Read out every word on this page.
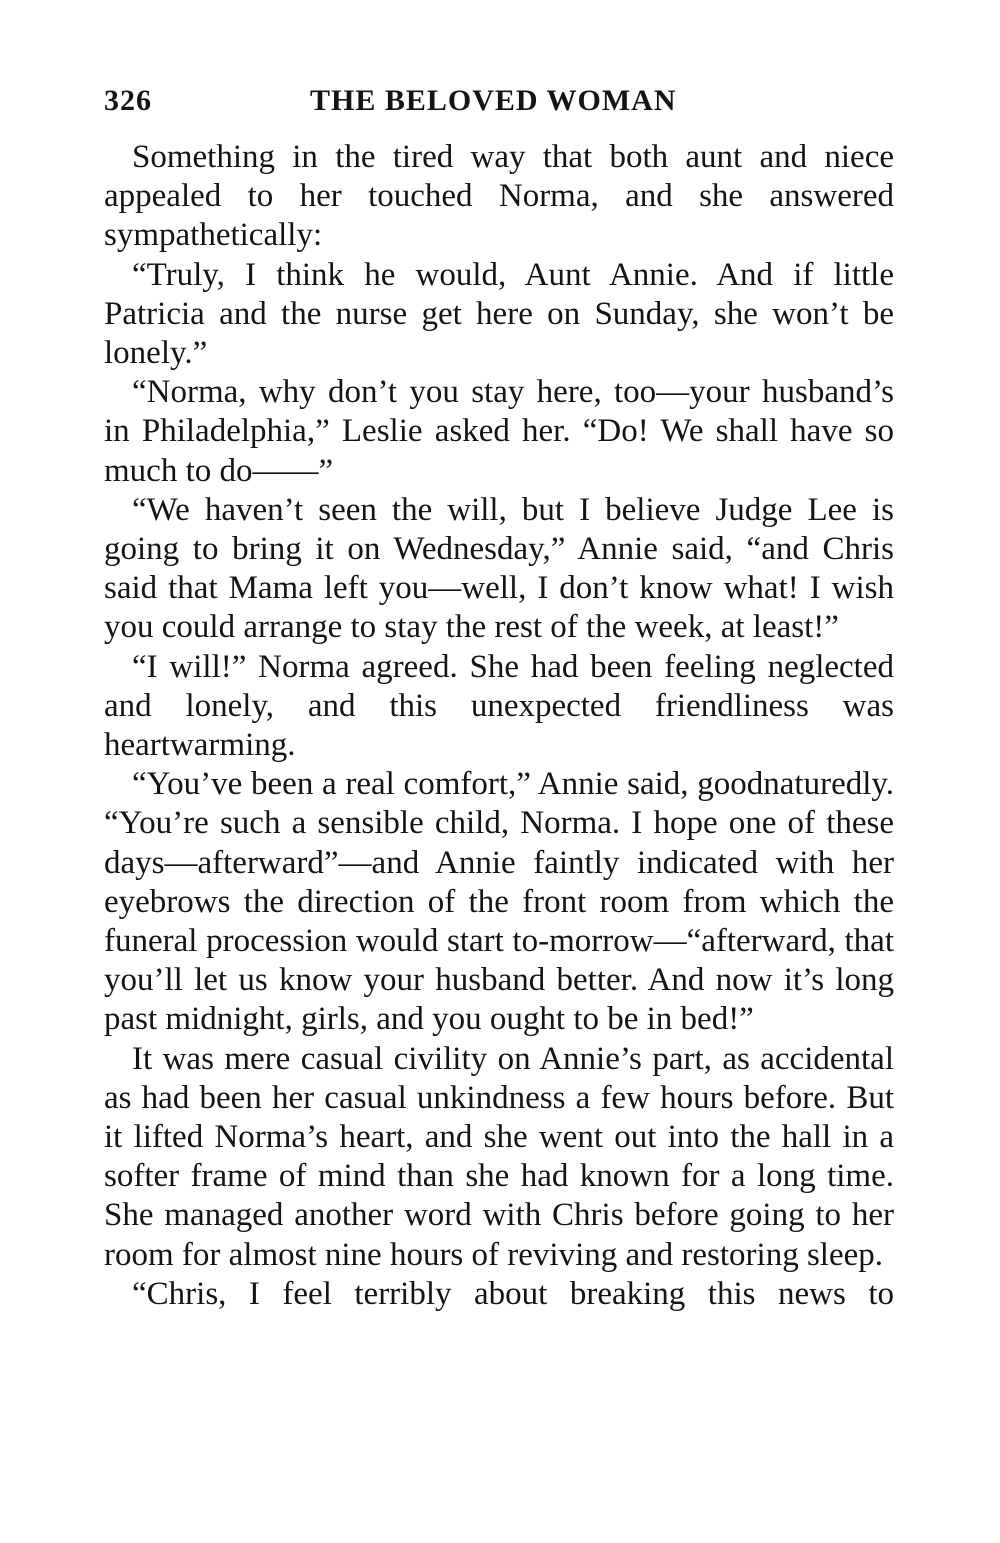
326	THE BELOVED WOMAN

Something in the tired way that both aunt and niece appealed to her touched Norma, and she answered sympathetically:

“Truly, I think he would, Aunt Annie. And if little Patricia and the nurse get here on Sunday, she won’t be lonely.”

“Norma, why don’t you stay here, too—your husband’s in Philadelphia,” Leslie asked her. “Do! We shall have so much to do——”

“We haven’t seen the will, but I believe Judge Lee is going to bring it on Wednesday,” Annie said, “and Chris said that Mama left you—well, I don’t know what! I wish you could arrange to stay the rest of the week, at least!”

“I will!” Norma agreed. She had been feeling neglected and lonely, and this unexpected friendliness was heartwarming.

“You’ve been a real comfort,” Annie said, goodnaturedly. “You’re such a sensible child, Norma. I hope one of these days—afterward”—and Annie faintly indicated with her eyebrows the direction of the front room from which the funeral procession would start to-morrow—“afterward, that you’ll let us know your husband better. And now it’s long past midnight, girls, and you ought to be in bed!”

It was mere casual civility on Annie’s part, as accidental as had been her casual unkindness a few hours before. But it lifted Norma’s heart, and she went out into the hall in a softer frame of mind than she had known for a long time. She managed another word with Chris before going to her room for almost nine hours of reviving and restoring sleep.

“Chris, I feel terribly about breaking this news to
